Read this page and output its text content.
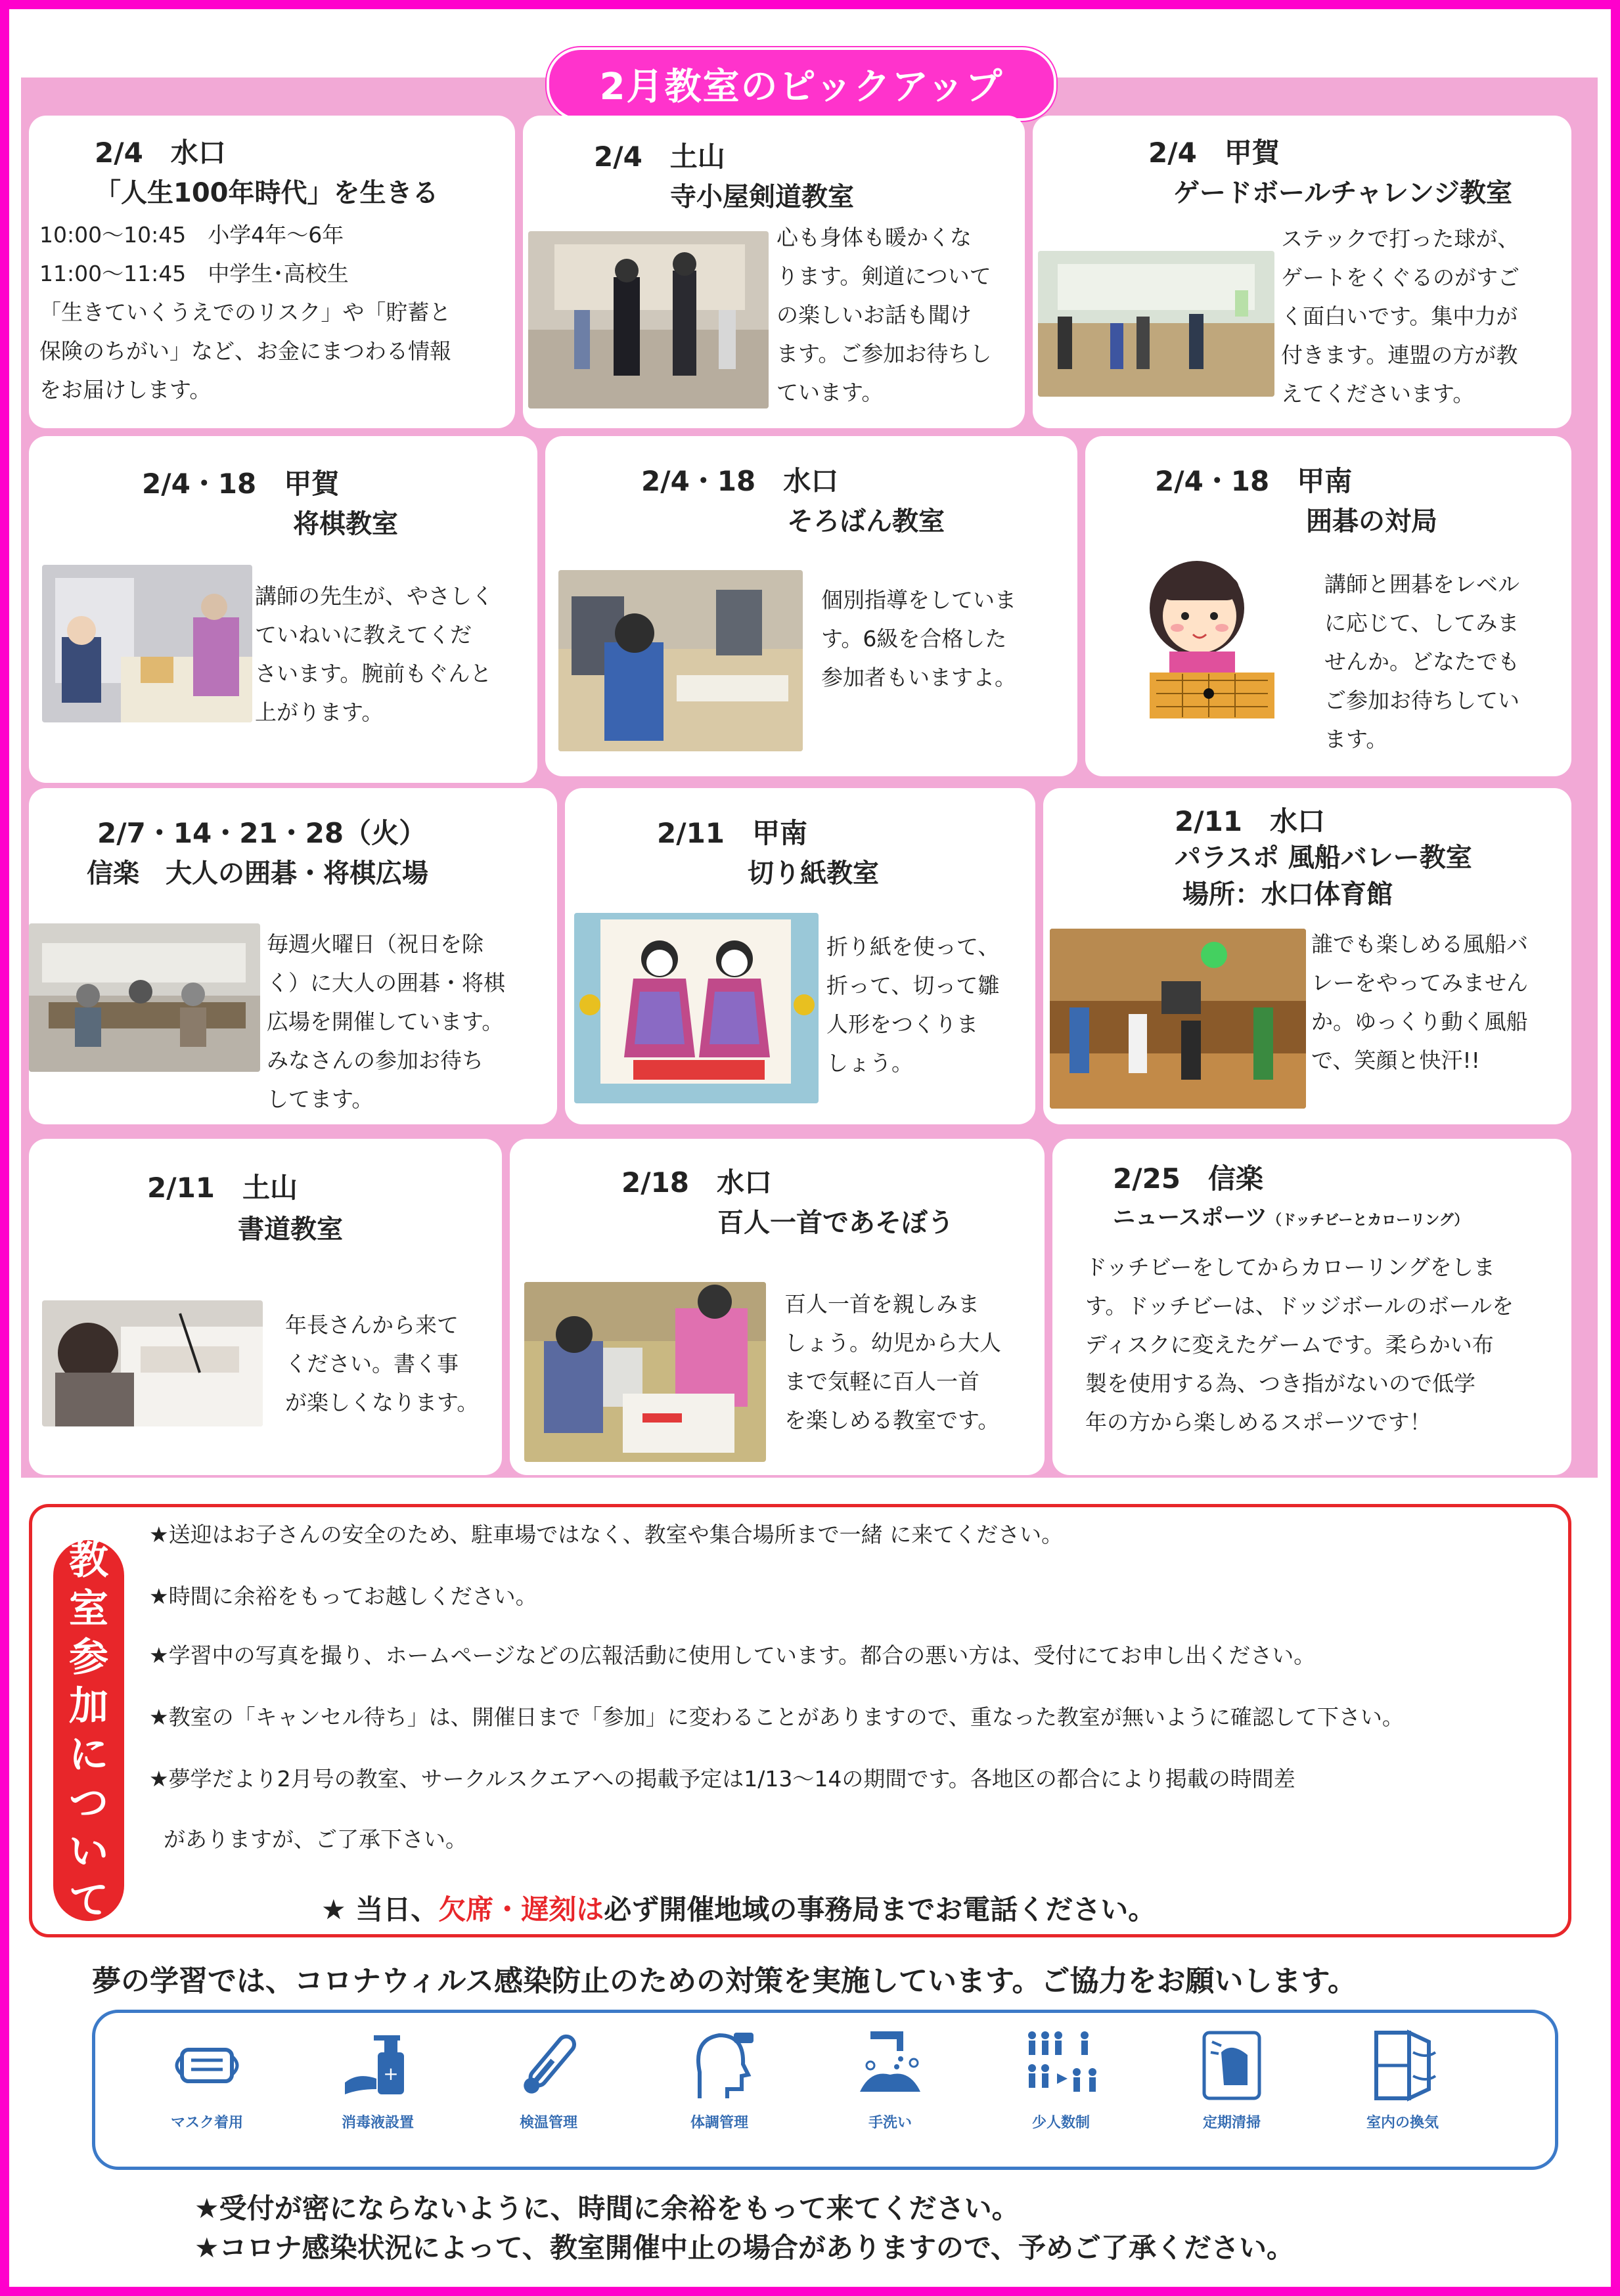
2月教室のピックアップ
2/4　水口
「人生100年時代」を生きる
10:00〜10:45　小学4年〜6年
11:00〜11:45　中学生･高校生
「生きていくうえでのリスク」や「貯蓄と
保険のちがい」など、お金にまつわる情報
をお届けします。
2/4　土山
寺小屋剣道教室
心も身体も暖かくな
ります。剣道について
の楽しいお話も聞け
ます。ご参加お待ちし
ています。
2/4　甲賀
ゲードボールチャレンジ教室
ステックで打った球が、
ゲートをくぐるのがすご
く面白いです。集中力が
付きます。連盟の方が教
えてくださいます。
2/4・18　甲賀
将棋教室
講師の先生が、やさしく
ていねいに教えてくだ
さいます。腕前もぐんと
上がります。
2/4・18　水口
そろばん教室
個別指導をしていま
す。6級を合格した
参加者もいますよ。
2/4・18　甲南
囲碁の対局
講師と囲碁をレベル
に応じて、してみま
せんか。どなたでも
ご参加お待ちしてい
ます。
2/7・14・21・28（火）
信楽　大人の囲碁・将棋広場
毎週火曜日（祝日を除
く）に大人の囲碁・将棋
広場を開催しています。
みなさんの参加お待ち
してます。
2/11　甲南
切り紙教室
折り紙を使って、
折って、切って雛
人形をつくりま
しょう。
2/11　水口
パラスポ 風船バレー教室
場所：水口体育館
誰でも楽しめる風船バ
レーをやってみません
か。ゆっくり動く風船
で、笑顔と快汗!!
2/11　土山
書道教室
年長さんから来て
ください。書く事
が楽しくなります。
2/18　水口
百人一首であそぼう
百人一首を親しみま
しょう。幼児から大人
まで気軽に百人一首
を楽しめる教室です。
2/25　信楽
ニュースポーツ（ドッチビーとカローリング）
ドッチビーをしてからカローリングをしま
す。ドッチビーは、ドッジボールのボールを
ディスクに変えたゲームです。柔らかい布
製を使用する為、つき指がないので低学
年の方から楽しめるスポーツです！
教
室
参
加
に
つ
い
て
★送迎はお子さんの安全のため、駐車場ではなく、教室や集合場所まで一緒 に来てください。
★時間に余裕をもってお越しください。
★学習中の写真を撮り、ホームページなどの広報活動に使用しています。都合の悪い方は、受付にてお申し出ください。
★教室の「キャンセル待ち」は、開催日まで「参加」に変わることがありますので、重なった教室が無いように確認して下さい。
★夢学だより2月号の教室、サークルスクエアへの掲載予定は1/13〜14の期間です。各地区の都合により掲載の時間差
がありますが、ご了承下さい。
★ 当日、欠席・遅刻は必ず開催地域の事務局までお電話ください。
夢の学習では、コロナウィルス感染防止のための対策を実施しています。ご協力をお願いします。
マスク着用
+
消毒液設置	検温管理	体調管理	手洗い	少人数制	定期清掃	室内の換気
★受付が密にならないように、時間に余裕をもって来てください。
★コロナ感染状況によって、教室開催中止の場合がありますので、予めご了承ください。
